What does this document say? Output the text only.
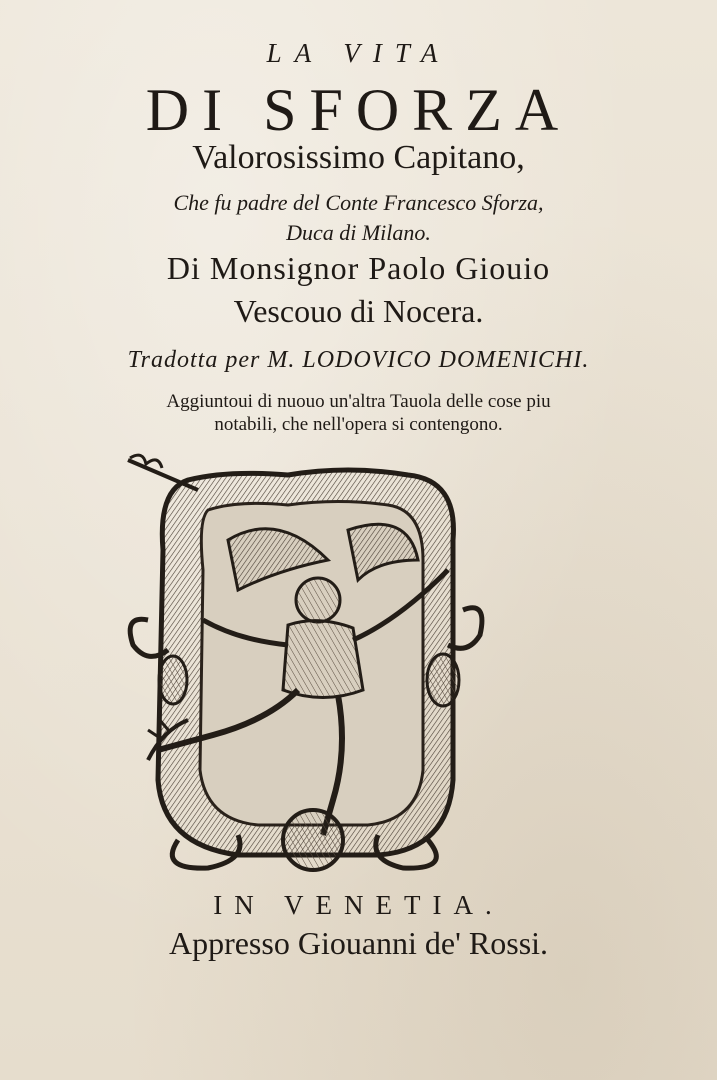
LA VITA
DI SFORZA
Valorosissimo Capitano,
Che fu padre del Conte Francesco Sforza,
Duca di Milano.
Di Monsignor Paolo Giouio
Vescouo di Nocera.
Tradotta per M. LODOVICO DOMENICHI.
Aggiuntoui di nuouo un'altra Tauola delle cose piu
notabili, che nell'opera si contengono.
IN VENETIA.
Appresso Giouanni de' Rossi.
